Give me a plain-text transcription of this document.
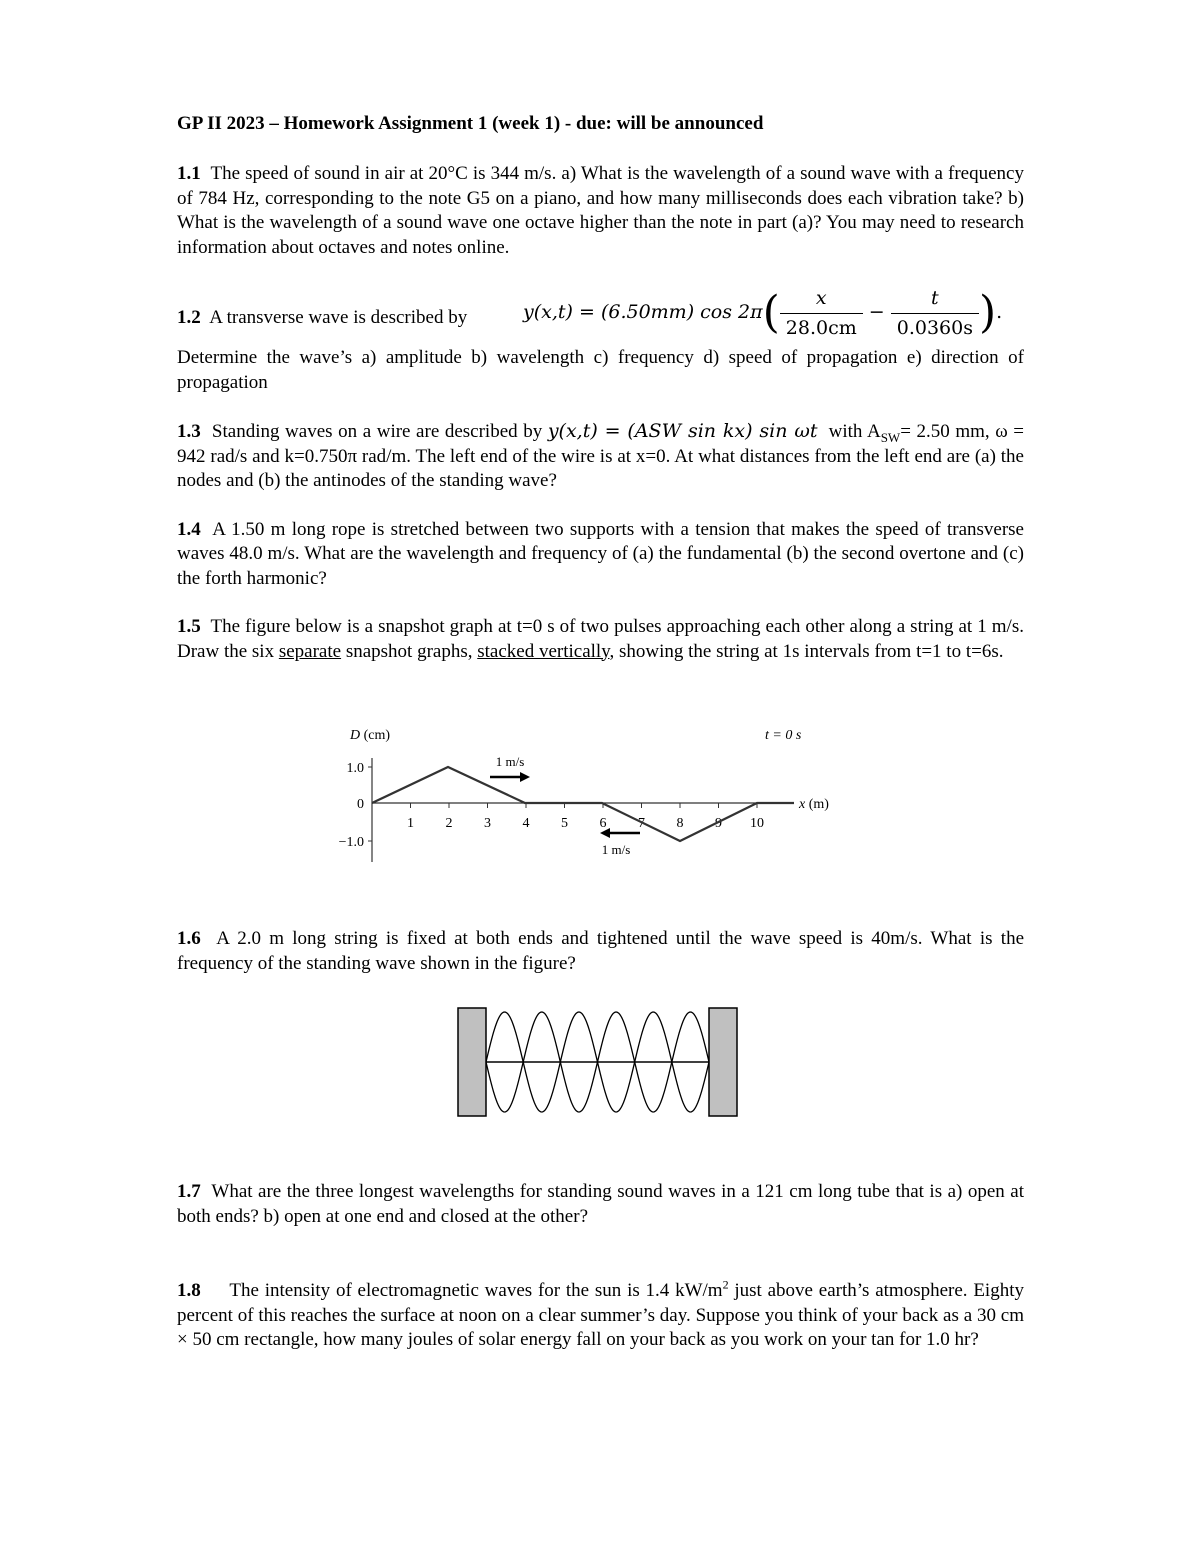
GP II 2023 – Homework Assignment 1 (week 1) - due: will be announced
1.1 The speed of sound in air at 20°C is 344 m/s. a) What is the wavelength of a sound wave with a frequency of 784 Hz, corresponding to the note G5 on a piano, and how many milliseconds does each vibration take? b) What is the wavelength of a sound wave one octave higher than the note in part (a)? You may need to research information about octaves and notes online.
1.2 A transverse wave is described by	y(x,t) = (6.50mm) $\cos 2\pi( \frac{x}{28.0cm} - \frac{t}{0.0360s}$ ).
Determine the wave’s a) amplitude b) wavelength c) frequency d) speed of propagation e) direction of propagation
1.3 Standing waves on a wire are described by y(x,t) = (ASW sin kx) sin ωt with $A_{SW}= 2.50$ mm, ω = 942 rad/s and k=0.750π rad/m. The left end of the wire is at x=0. At what distances from the left end are (a) the nodes and (b) the antinodes of the standing wave?
1.4 A 1.50 m long rope is stretched between two supports with a tension that makes the speed of transverse waves 48.0 m/s. What are the wavelength and frequency of (a) the fundamental (b) the second overtone and (c) the forth harmonic?
1.5 The figure below is a snapshot graph at t=0 s of two pulses approaching each other along a string at 1 m/s. Draw the six separate snapshot graphs, stacked vertically, showing the string at 1s intervals from t=1 to t=6s.
D (cm)	t = 0 s
1.0
0
−1.0
1 2 3 4 5 6 7 8 9 10
1 m/s
1 m/s
x (m)
1.6 A 2.0 m long string is fixed at both ends and tightened until the wave speed is 40m/s. What is the frequency of the standing wave shown in the figure?
1.7 What are the three longest wavelengths for standing sound waves in a 121 cm long tube that is a) open at both ends? b) open at one end and closed at the other?
1.8 The intensity of electromagnetic waves for the sun is 1.4 $kW/m^2$ just above earth’s atmosphere. Eighty percent of this reaches the surface at noon on a clear summer’s day. Suppose you think of your back as a 30 cm × 50 cm rectangle, how many joules of solar energy fall on your back as you work on your tan for 1.0 hr?
